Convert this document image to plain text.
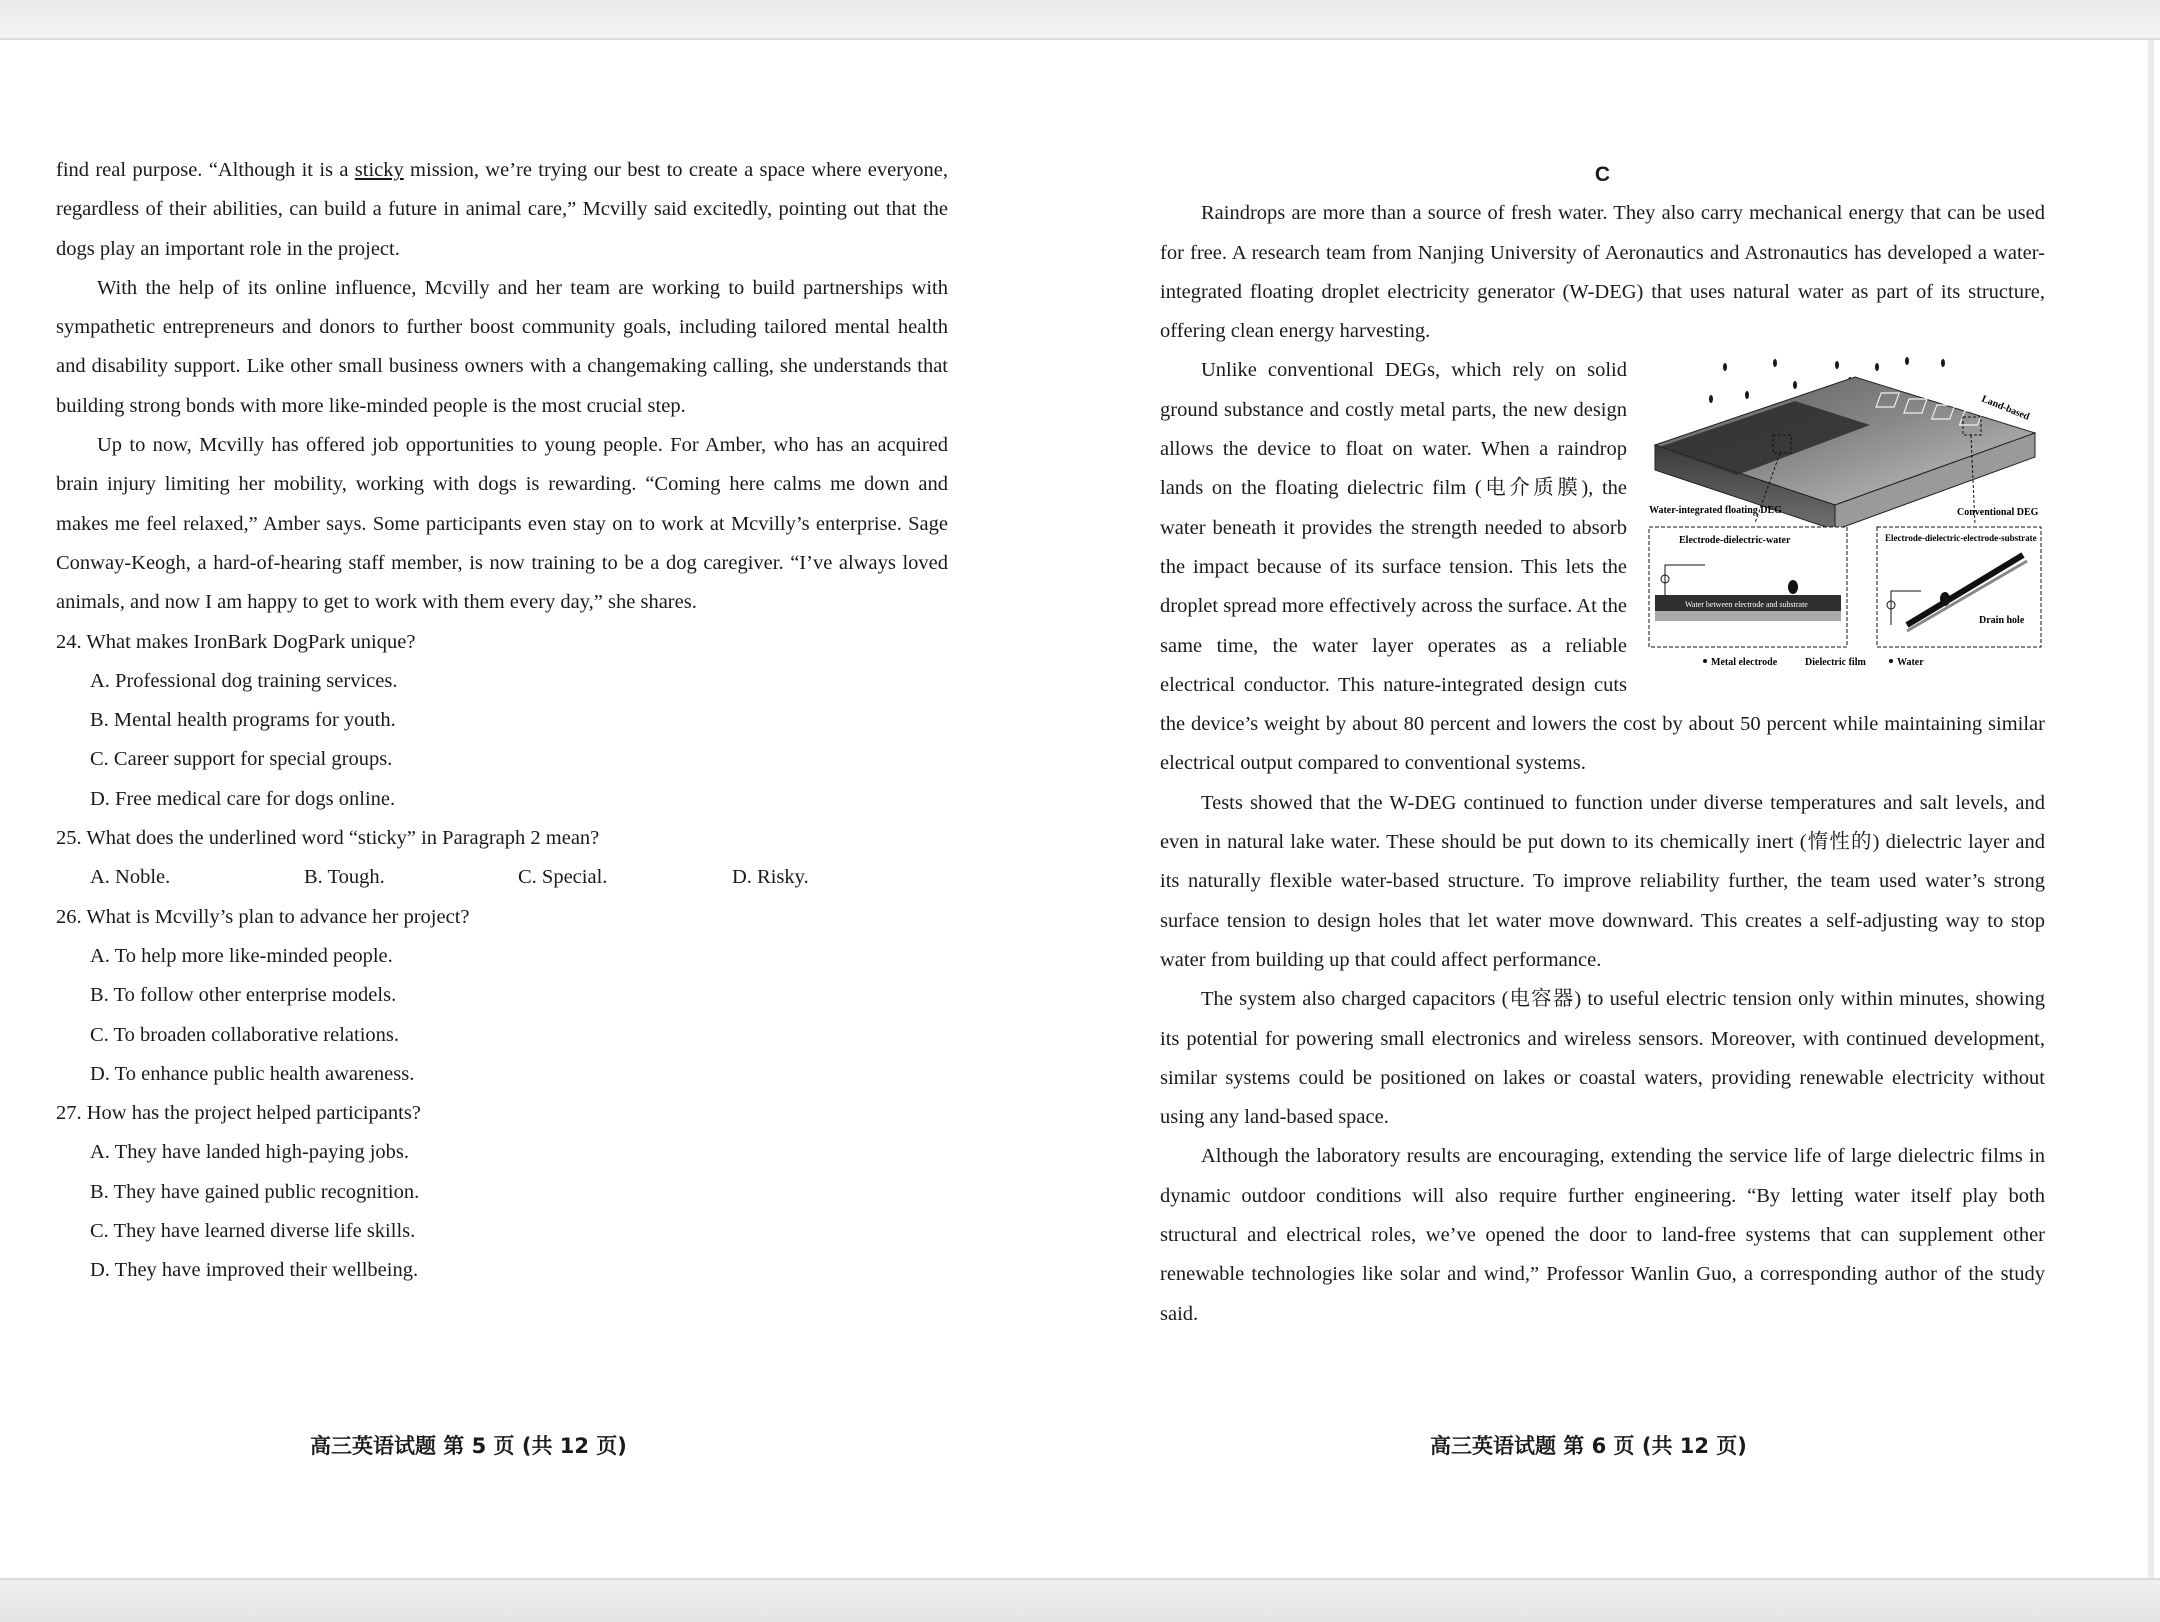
find real purpose. “Although it is a sticky mission, we’re trying our best to create a space where everyone, regardless of their abilities, can build a future in animal care,” Mcvilly said excitedly, pointing out that the dogs play an important role in the project.

With the help of its online influence, Mcvilly and her team are working to build partnerships with sympathetic entrepreneurs and donors to further boost community goals, including tailored mental health and disability support. Like other small business owners with a changemaking calling, she understands that building strong bonds with more like-minded people is the most crucial step.

Up to now, Mcvilly has offered job opportunities to young people. For Amber, who has an acquired brain injury limiting her mobility, working with dogs is rewarding. “Coming here calms me down and makes me feel relaxed,” Amber says. Some participants even stay on to work at Mcvilly’s enterprise. Sage Conway-Keogh, a hard-of-hearing staff member, is now training to be a dog caregiver. “I’ve always loved animals, and now I am happy to get to work with them every day,” she shares.

24. What makes IronBark DogPark unique?

A. Professional dog training services.

B. Mental health programs for youth.

C. Career support for special groups.

D. Free medical care for dogs online.

25. What does the underlined word “sticky” in Paragraph 2 mean?

A. Noble.	B. Tough.	C. Special.	D. Risky.

26. What is Mcvilly’s plan to advance her project?

A. To help more like-minded people.

B. To follow other enterprise models.

C. To broaden collaborative relations.

D. To enhance public health awareness.

27. How has the project helped participants?

A. They have landed high-paying jobs.

B. They have gained public recognition.

C. They have learned diverse life skills.

D. They have improved their wellbeing.

高三英语试题 第 5 页 (共 12 页)

C

Raindrops are more than a source of fresh water. They also carry mechanical energy that can be used for free. A research team from Nanjing University of Aeronautics and Astronautics has developed a water-integrated floating droplet electricity generator (W-DEG) that uses natural water as part of its structure, offering clean energy harvesting.

Land-based
Water-integrated floating DEG	Conventional DEG
Electrode-dielectric-water
Water between electrode and substrate
Electrode-dielectric-electrode-substrate
Drain hole
Metal electrode	Dielectric film	Water

Unlike conventional DEGs, which rely on solid ground substance and costly metal parts, the new design allows the device to float on water. When a raindrop lands on the floating dielectric film (电介质膜), the water beneath it provides the strength needed to absorb the impact because of its surface tension. This lets the droplet spread more effectively across the surface. At the same time, the water layer operates as a reliable electrical conductor. This nature-integrated design cuts the device’s weight by about 80 percent and lowers the cost by about 50 percent while maintaining similar electrical output compared to conventional systems.

Tests showed that the W-DEG continued to function under diverse temperatures and salt levels, and even in natural lake water. These should be put down to its chemically inert (惰性的) dielectric layer and its naturally flexible water-based structure. To improve reliability further, the team used water’s strong surface tension to design holes that let water move downward. This creates a self-adjusting way to stop water from building up that could affect performance.

The system also charged capacitors (电容器) to useful electric tension only within minutes, showing its potential for powering small electronics and wireless sensors. Moreover, with continued development, similar systems could be positioned on lakes or coastal waters, providing renewable electricity without using any land-based space.

Although the laboratory results are encouraging, extending the service life of large dielectric films in dynamic outdoor conditions will also require further engineering. “By letting water itself play both structural and electrical roles, we’ve opened the door to land-free systems that can supplement other renewable technologies like solar and wind,” Professor Wanlin Guo, a corresponding author of the study said.

高三英语试题 第 6 页 (共 12 页)
